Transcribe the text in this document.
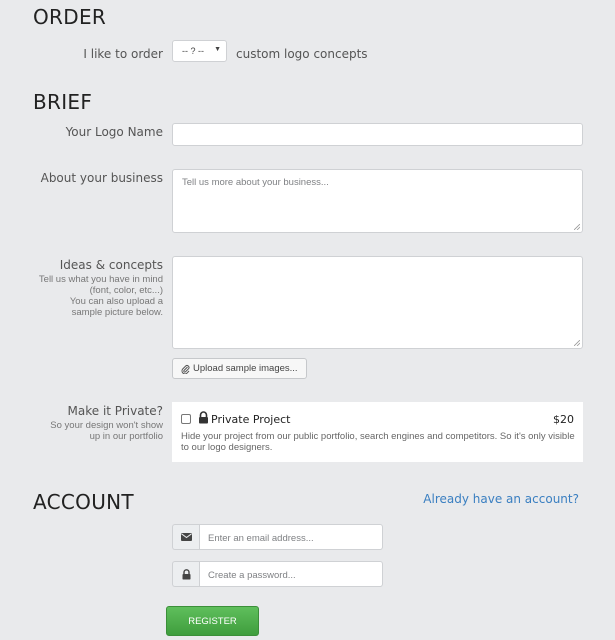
ORDER
I like to order -- ? -- ▼ custom logo concepts
BRIEF
Your Logo Name
About your business Tell us more about your business...
Ideas & concepts
Tell us what you have in mind
(font, color, etc...)
You can also upload a
sample picture below.
Upload sample images...
Make it Private?
So your design won't show
up in our portfolio
Private Project	$20
Hide your project from our public portfolio, search engines and competitors. So it's only visible to our logo designers.
ACCOUNT	Already have an account?
Enter an email address...
Create a password...
REGISTER
